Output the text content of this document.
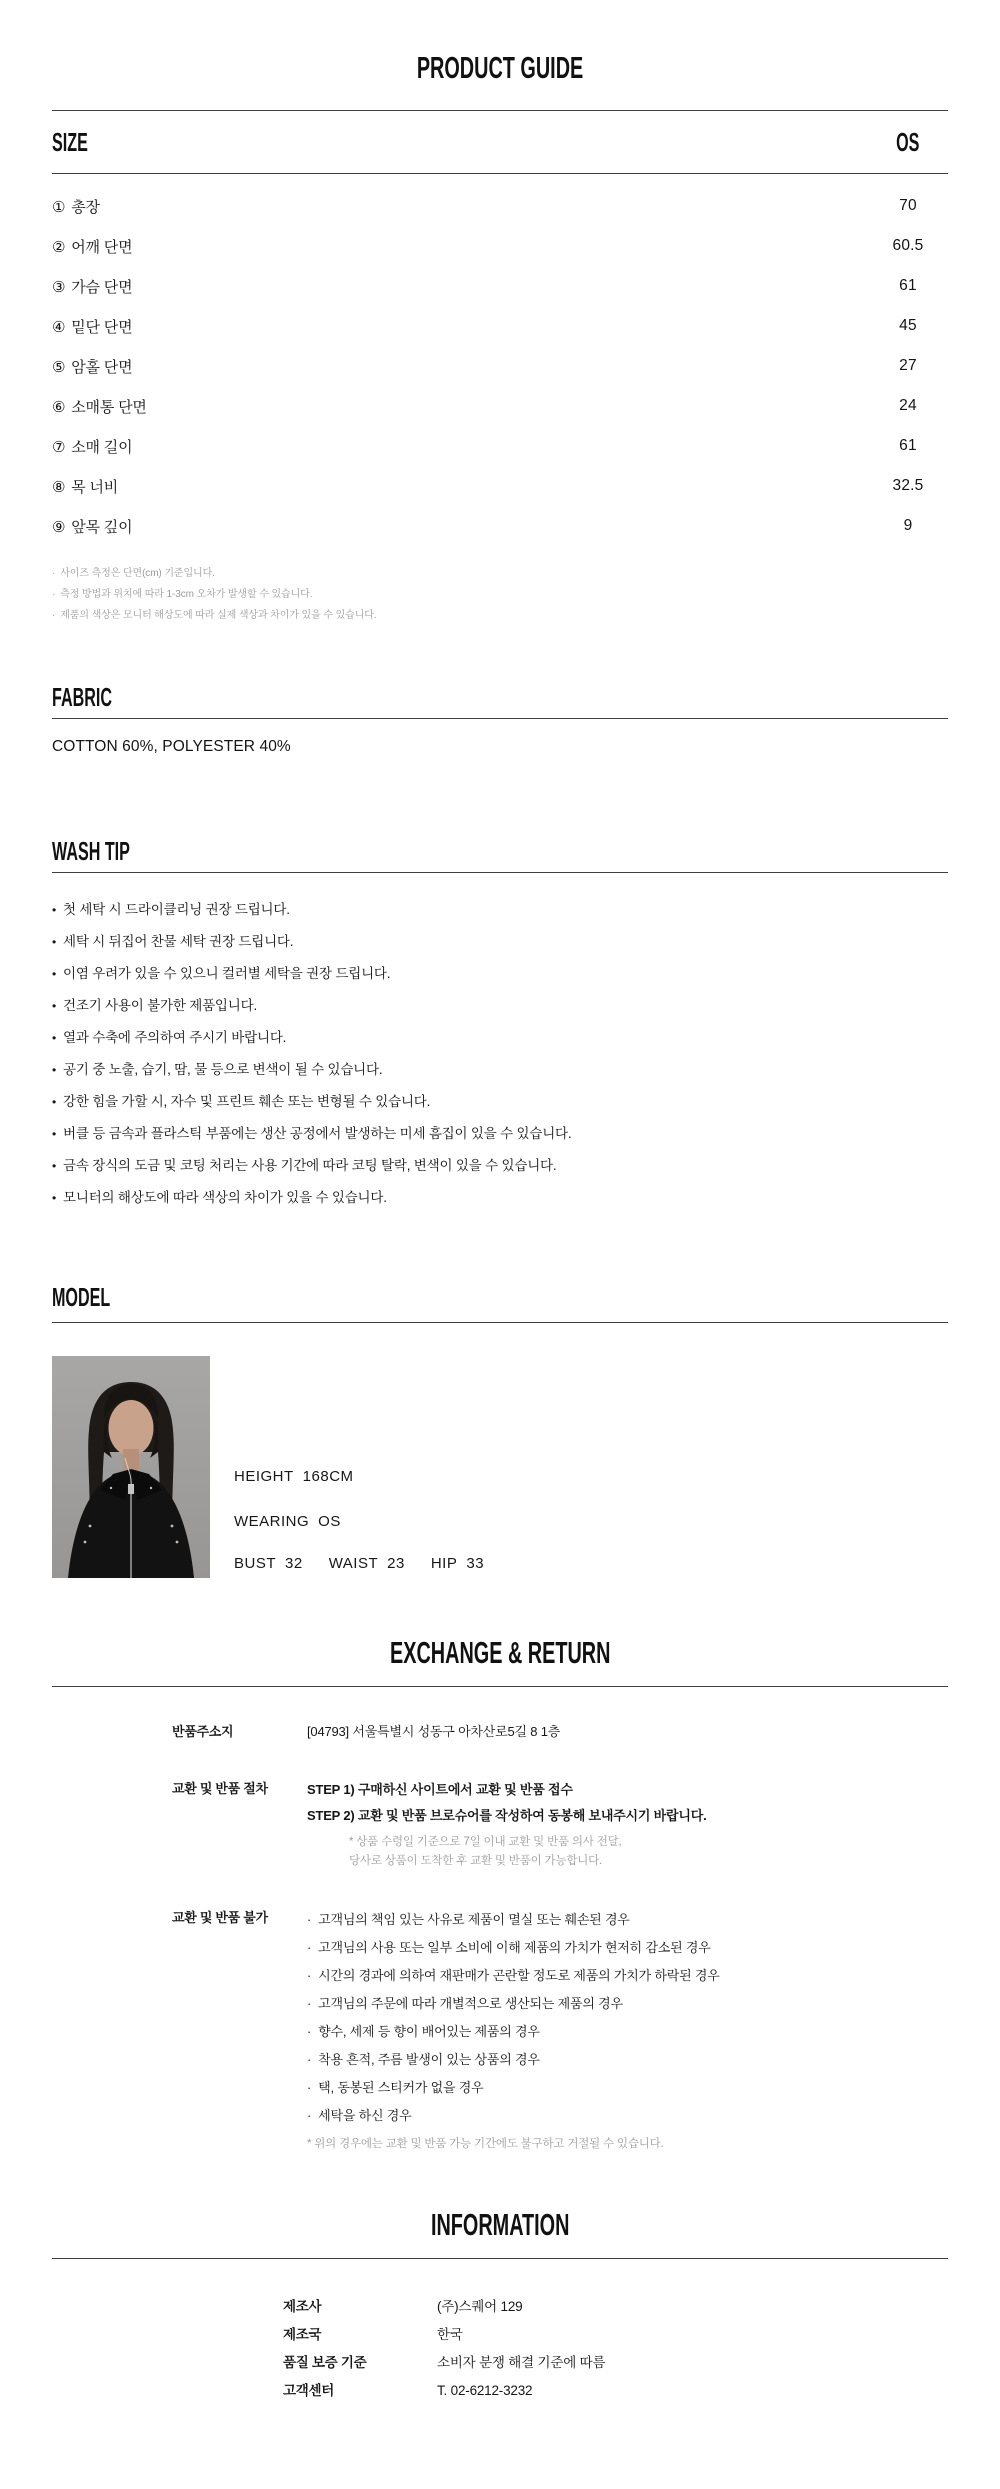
PRODUCT GUIDE
SIZE	OS
① 총장	70
② 어깨 단면	60.5
③ 가슴 단면	61
④ 밑단 단면	45
⑤ 암홀 단면	27
⑥ 소매통 단면	24
⑦ 소매 길이	61
⑧ 목 너비	32.5
⑨ 앞목 깊이	9
· 사이즈 측정은 단면(cm) 기준입니다.
· 측정 방법과 위치에 따라 1-3cm 오차가 발생할 수 있습니다.
· 제품의 색상은 모니터 해상도에 따라 실제 색상과 차이가 있을 수 있습니다.
FABRIC
COTTON 60%, POLYESTER 40%
WASH TIP
• 첫 세탁 시 드라이클리닝 권장 드립니다.
• 세탁 시 뒤집어 찬물 세탁 권장 드립니다.
• 이염 우려가 있을 수 있으니 컬러별 세탁을 권장 드립니다.
• 건조기 사용이 불가한 제품입니다.
• 열과 수축에 주의하여 주시기 바랍니다.
• 공기 중 노출, 습기, 땀, 물 등으로 변색이 될 수 있습니다.
• 강한 힘을 가할 시, 자수 및 프린트 훼손 또는 변형될 수 있습니다.
• 버클 등 금속과 플라스틱 부품에는 생산 공정에서 발생하는 미세 흠집이 있을 수 있습니다.
• 금속 장식의 도금 및 코팅 처리는 사용 기간에 따라 코팅 탈락, 변색이 있을 수 있습니다.
• 모니터의 해상도에 따라 색상의 차이가 있을 수 있습니다.
MODEL
HEIGHT 168CM
WEARING OS
BUST 32 WAIST 23 HIP 33
EXCHANGE & RETURN
반품주소지	[04793] 서울특별시 성동구 아차산로5길 8 1층
교환 및 반품 절차	STEP 1) 구매하신 사이트에서 교환 및 반품 접수
STEP 2) 교환 및 반품 브로슈어를 작성하여 동봉해 보내주시기 바랍니다.
* 상품 수령일 기준으로 7일 이내 교환 및 반품 의사 전달,
당사로 상품이 도착한 후 교환 및 반품이 가능합니다.
교환 및 반품 불가	· 고객님의 책임 있는 사유로 제품이 멸실 또는 훼손된 경우
· 고객님의 사용 또는 일부 소비에 이해 제품의 가치가 현저히 감소된 경우
· 시간의 경과에 의하여 재판매가 곤란할 정도로 제품의 가치가 하락된 경우
· 고객님의 주문에 따라 개별적으로 생산되는 제품의 경우
· 향수, 세제 등 향이 배어있는 제품의 경우
· 착용 흔적, 주름 발생이 있는 상품의 경우
· 택, 동봉된 스티커가 없을 경우
· 세탁을 하신 경우
* 위의 경우에는 교환 및 반품 가능 기간에도 불구하고 거절될 수 있습니다.
INFORMATION
제조사	(주)스퀘어 129
제조국	한국
품질 보증 기준	소비자 분쟁 해결 기준에 따름
고객센터	T. 02-6212-3232
